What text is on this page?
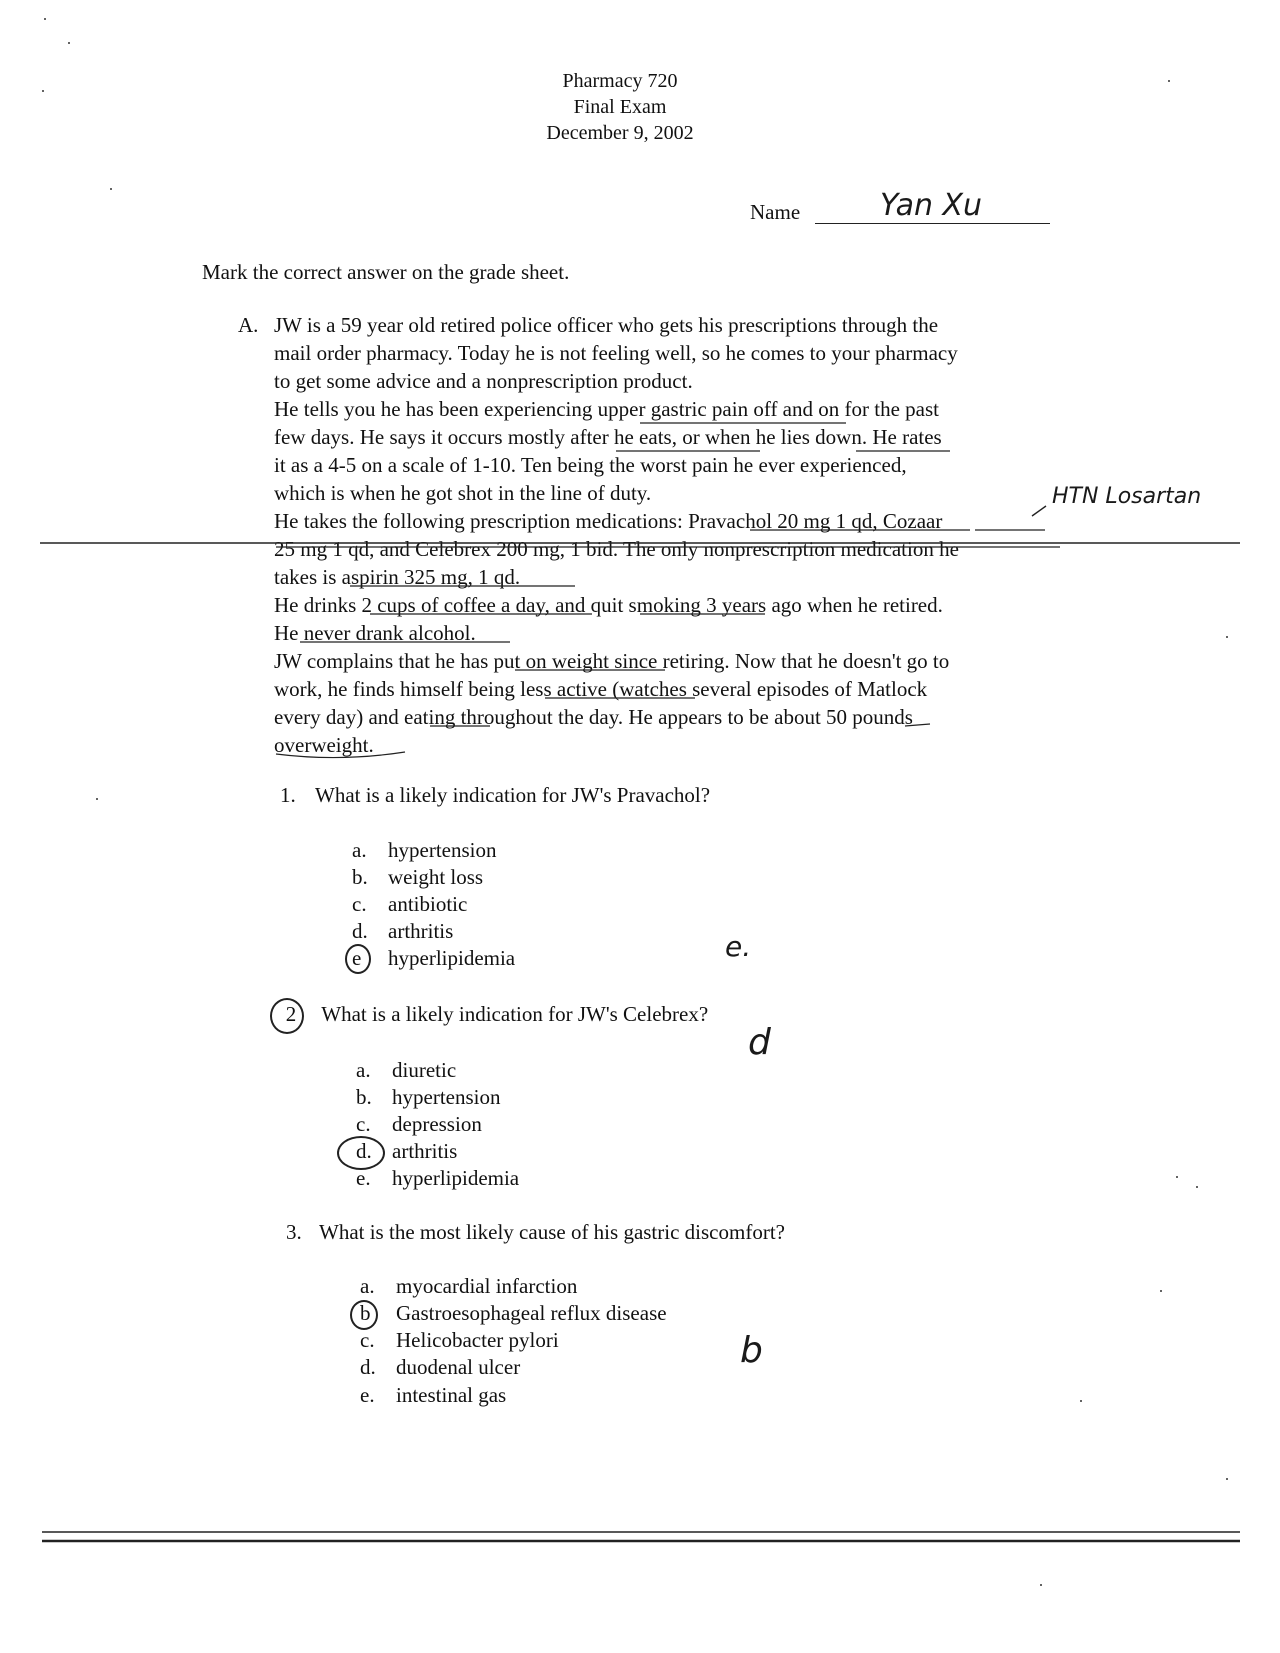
Pharmacy 720
Final Exam
December 9, 2002
Name	Yan Xu
Mark the correct answer on the grade sheet.
A. JW is a 59 year old retired police officer who gets his prescriptions through the
mail order pharmacy. Today he is not feeling well, so he comes to your pharmacy
to get some advice and a nonprescription product.
He tells you he has been experiencing upper gastric pain off and on for the past
few days. He says it occurs mostly after he eats, or when he lies down. He rates
it as a 4-5 on a scale of 1-10. Ten being the worst pain he ever experienced,
which is when he got shot in the line of duty.
He takes the following prescription medications: Pravachol 20 mg 1 qd, Cozaar
25 mg 1 qd, and Celebrex 200 mg, 1 bid. The only nonprescription medication he
takes is aspirin 325 mg, 1 qd.
He drinks 2 cups of coffee a day, and quit smoking 3 years ago when he retired.
He never drank alcohol.
JW complains that he has put on weight since retiring. Now that he doesn't go to
work, he finds himself being less active (watches several episodes of Matlock
every day) and eating throughout the day. He appears to be about 50 pounds
overweight.
HTN Losartan
1. What is a likely indication for JW's Pravachol?
a. hypertension
b. weight loss
c. antibiotic
d. arthritis
e hyperlipidemia	e.
2 What is a likely indication for JW's Celebrex?
a. diuretic
b. hypertension
c. depression
d. arthritis
e. hyperlipidemia
d
3. What is the most likely cause of his gastric discomfort?
a. myocardial infarction
b Gastroesophageal reflux disease
c. Helicobacter pylori
d. duodenal ulcer
e. intestinal gas
b
